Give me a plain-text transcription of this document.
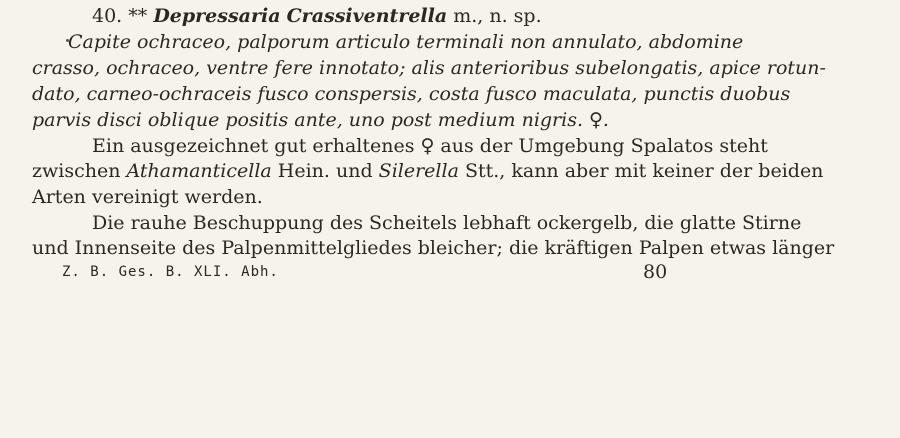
40. ** Depressaria Crassiventrella m., n. sp.
Capite ochraceo, palporum articulo terminali non annulato, abdomine
crasso, ochraceo, ventre fere innotato; alis anterioribus subelongatis, apice rotun-
dato, carneo-ochraceis fusco conspersis, costa fusco maculata, punctis duobus
parvis disci oblique positis ante, uno post medium nigris. ♀.
Ein ausgezeichnet gut erhaltenes ♀ aus der Umgebung Spalatos steht
zwischen Athamanticella Hein. und Silerella Stt., kann aber mit keiner der beiden
Arten vereinigt werden.
Die rauhe Beschuppung des Scheitels lebhaft ockergelb, die glatte Stirne
und Innenseite des Palpenmittelgliedes bleicher; die kräftigen Palpen etwas länger
Z. B. Ges. B. XLI. Abh.	80
